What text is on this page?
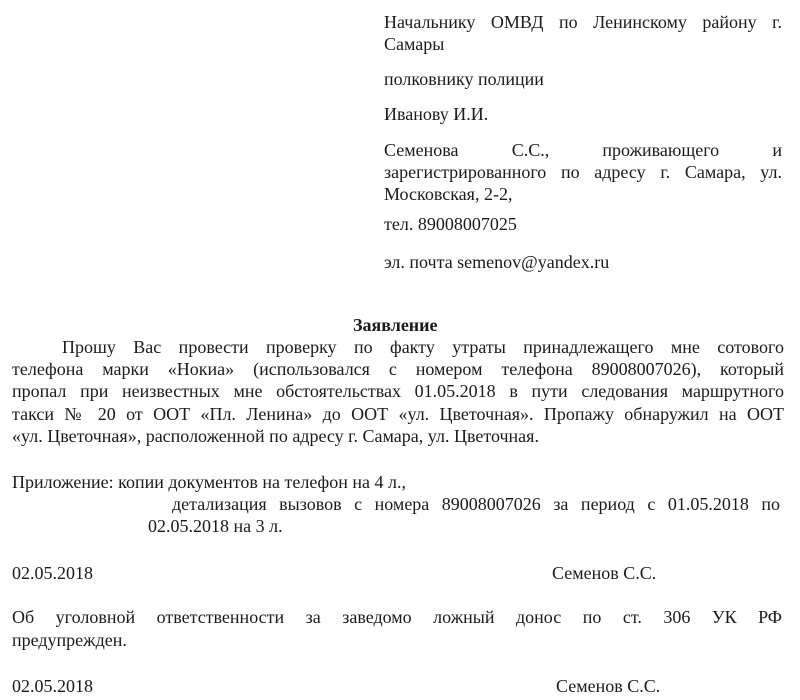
Начальнику ОМВД по Ленинскому району г.
Самары
полковнику полиции
Иванову И.И.
Семенова С.С., проживающего и
зарегистрированного по адресу г. Самара, ул.
Московская, 2-2,
тел. 89008007025
эл. почта semenov@yandex.ru
Заявление
Прошу Вас провести проверку по факту утраты принадлежащего мне сотового
телефона марки «Нокиа» (использовался с номером телефона 89008007026), который
пропал при неизвестных мне обстоятельствах 01.05.2018 в пути следования маршрутного
такси № 20 от ООТ «Пл. Ленина» до ООТ «ул. Цветочная». Пропажу обнаружил на ООТ
«ул. Цветочная», расположенной по адресу г. Самара, ул. Цветочная.
Приложение: копии документов на телефон на 4 л.,
детализация вызовов с номера 89008007026 за период с 01.05.2018 по
02.05.2018 на 3 л.
02.05.2018	Семенов С.С.
Об уголовной ответственности за заведомо ложный донос по ст. 306 УК РФ
предупрежден.
02.05.2018	Семенов С.С.
